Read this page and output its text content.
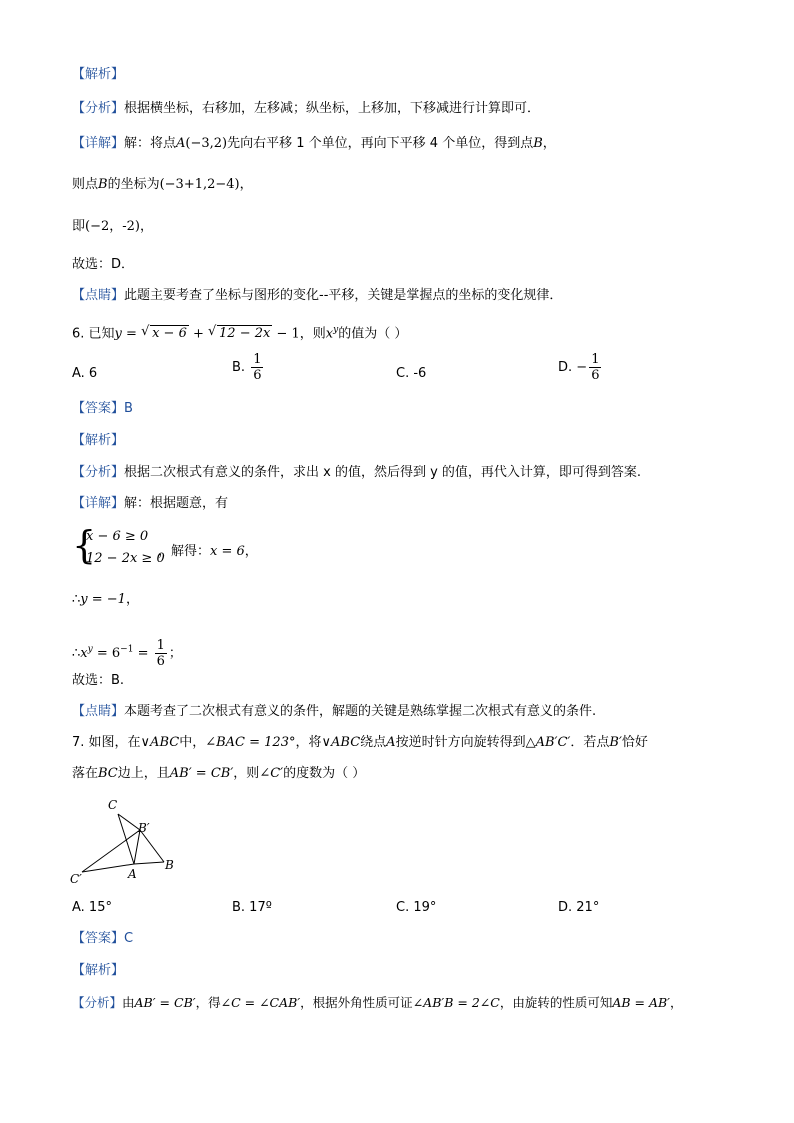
【解析】
【分析】根据横坐标，右移加，左移减；纵坐标，上移加，下移减进行计算即可．
【详解】解：将点A(−3,2)先向右平移 1 个单位，再向下平移 4 个单位，得到点B，
则点B的坐标为(−3+1,2−4)，
即(−2，-2)，
故选：D．
【点睛】此题主要考查了坐标与图形的变化--平移，关键是掌握点的坐标的变化规律．
6. 已知y = √ x − 6 + √ 12 − 2x − 1，则$x^y$的值为（ ）
A. 6	B. $\frac{1}{6}$	C. -6	D. − $\frac{1}{6}$
【答案】B
【解析】
【分析】根据二次根式有意义的条件，求出 x 的值，然后得到 y 的值，再代入计算，即可得到答案.
【详解】解：根据题意，有
{
x − 6 ≥ 0
12 − 2x ≥ 0
，解得：x = 6，
∴y = −1，
$\therefore x^y = 6^{-1} = \frac{1}{6}$ ；
故选：B.
【点睛】本题考查了二次根式有意义的条件，解题的关键是熟练掌握二次根式有意义的条件.
7. 如图，在∨ABC中，∠BAC = 123°，将∨ABC绕点A按逆时针方向旋转得到△AB′C′．若点B′恰好
落在BC边上，且AB′ = CB′，则∠C′的度数为（ ）
C
B′
C′	A
B
A. 15°	B. 17º	C. 19°	D. 21°
【答案】C
【解析】
【分析】由AB′ = CB′，得∠C = ∠CAB′，根据外角性质可证∠AB′B = 2∠C，由旋转的性质可知AB = AB′，
